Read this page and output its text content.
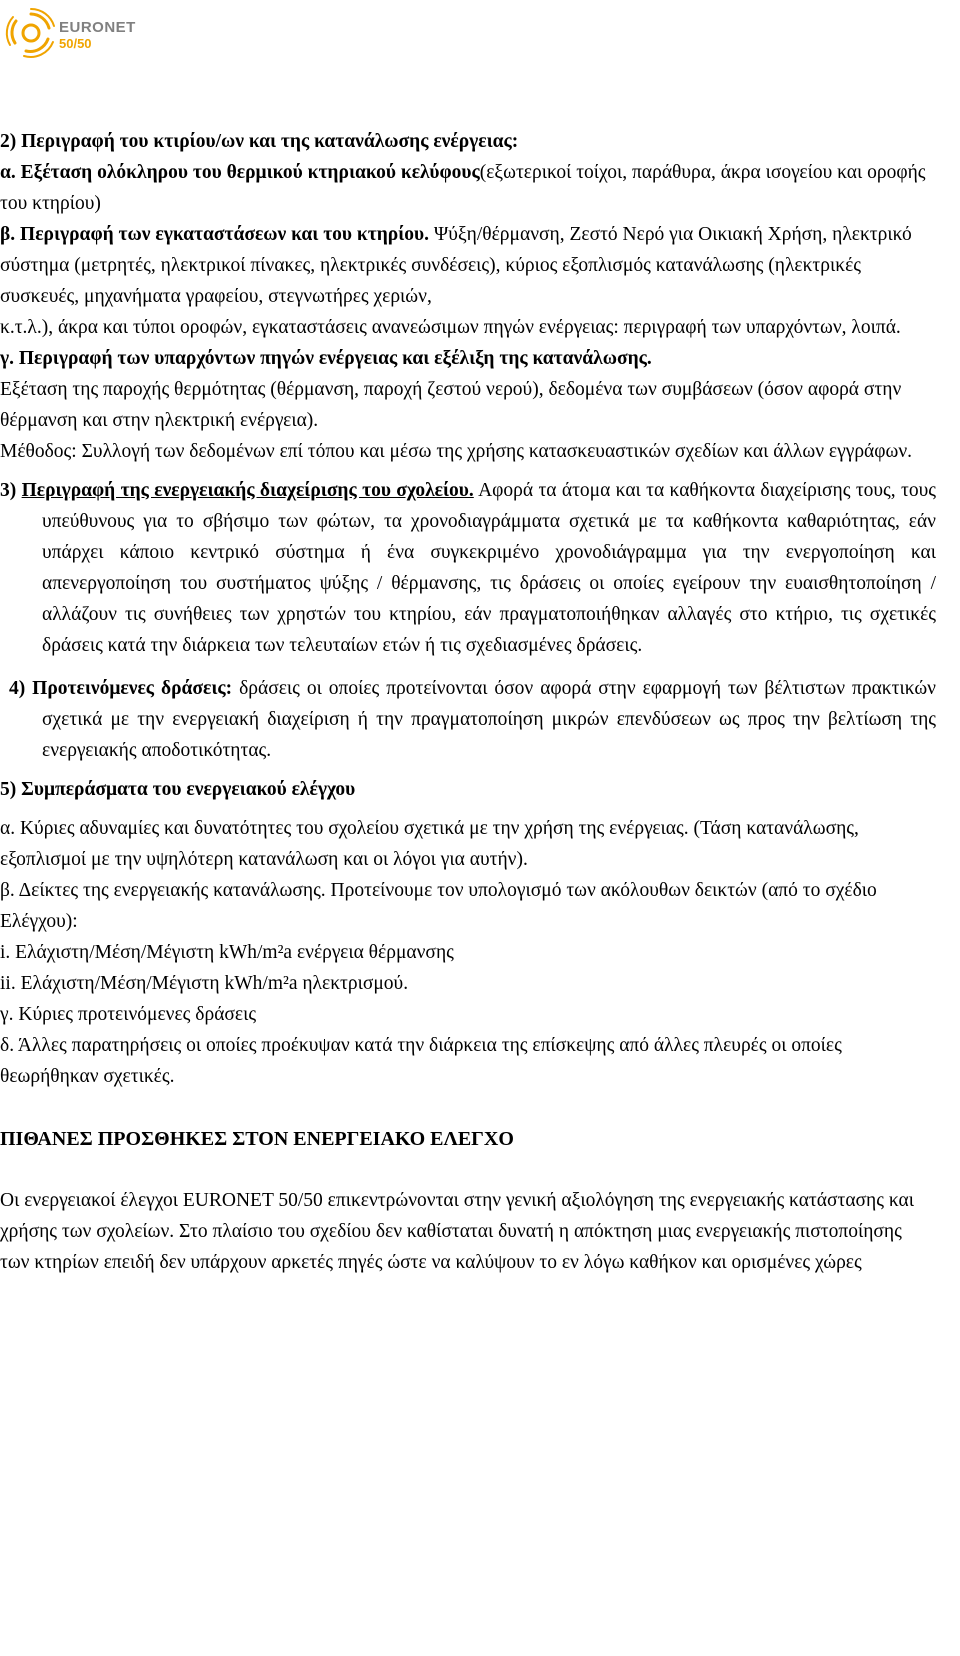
EURONET
50/50

2) Περιγραφή του κτιρίου/ων και της κατανάλωσης ενέργειας:

α. Εξέταση ολόκληρου του θερμικού κτηριακού κελύφους(εξωτερικοί τοίχοι, παράθυρα, άκρα ισογείου και οροφής του κτηρίου)

β. Περιγραφή των εγκαταστάσεων και του κτηρίου. Ψύξη/θέρμανση, Ζεστό Νερό για Οικιακή Χρήση, ηλεκτρικό σύστημα (μετρητές, ηλεκτρικοί πίνακες, ηλεκτρικές συνδέσεις), κύριος εξοπλισμός κατανάλωσης (ηλεκτρικές συσκευές, μηχανήματα γραφείου, στεγνωτήρες χεριών,

κ.τ.λ.), άκρα και τύποι οροφών, εγκαταστάσεις ανανεώσιμων πηγών ενέργειας: περιγραφή των υπαρχόντων, λοιπά.

γ. Περιγραφή των υπαρχόντων πηγών ενέργειας και εξέλιξη της κατανάλωσης.

Εξέταση της παροχής θερμότητας (θέρμανση, παροχή ζεστού νερού), δεδομένα των συμβάσεων (όσον αφορά στην θέρμανση και στην ηλεκτρική ενέργεια).

Μέθοδος: Συλλογή των δεδομένων επί τόπου και μέσω της χρήσης κατασκευαστικών σχεδίων και άλλων εγγράφων.

3) Περιγραφή της ενεργειακής διαχείρισης του σχολείου. Αφορά τα άτομα και τα καθήκοντα διαχείρισης τους, τους υπεύθυνους για το σβήσιμο των φώτων, τα χρονοδιαγράμματα σχετικά με τα καθήκοντα καθαριότητας, εάν υπάρχει κάποιο κεντρικό σύστημα ή ένα συγκεκριμένο χρονοδιάγραμμα για την ενεργοποίηση και απενεργοποίηση του συστήματος ψύξης / θέρμανσης, τις δράσεις οι οποίες εγείρουν την ευαισθητοποίηση / αλλάζουν τις συνήθειες των χρηστών του κτηρίου, εάν πραγματοποιήθηκαν αλλαγές στο κτήριο, τις σχετικές δράσεις κατά την διάρκεια των τελευταίων ετών ή τις σχεδιασμένες δράσεις.

4) Προτεινόμενες δράσεις: δράσεις οι οποίες προτείνονται όσον αφορά στην εφαρμογή των βέλτιστων πρακτικών σχετικά με την ενεργειακή διαχείριση ή την πραγματοποίηση μικρών επενδύσεων ως προς την βελτίωση της ενεργειακής αποδοτικότητας.

5) Συμπεράσματα του ενεργειακού ελέγχου

α. Κύριες αδυναμίες και δυνατότητες του σχολείου σχετικά με την χρήση της ενέργειας. (Τάση κατανάλωσης, εξοπλισμοί με την υψηλότερη κατανάλωση και οι λόγοι για αυτήν).

β. Δείκτες της ενεργειακής κατανάλωσης. Προτείνουμε τον υπολογισμό των ακόλουθων δεικτών (από το σχέδιο Ελέγχου):

i. Ελάχιστη/Μέση/Μέγιστη kWh/m²a ενέργεια θέρμανσης

ii. Ελάχιστη/Μέση/Μέγιστη kWh/m²a ηλεκτρισμού.

γ. Κύριες προτεινόμενες δράσεις

δ. Άλλες παρατηρήσεις οι οποίες προέκυψαν κατά την διάρκεια της επίσκεψης από άλλες πλευρές οι οποίες θεωρήθηκαν σχετικές.

ΠΙΘΑΝΕΣ ΠΡΟΣΘΗΚΕΣ ΣΤΟΝ ΕΝΕΡΓΕΙΑΚΟ ΕΛΕΓΧΟ

Οι ενεργειακοί έλεγχοι EURONET 50/50 επικεντρώνονται στην γενική αξιολόγηση της ενεργειακής κατάστασης και χρήσης των σχολείων. Στο πλαίσιο του σχεδίου δεν καθίσταται δυνατή η απόκτηση μιας ενεργειακής πιστοποίησης των κτηρίων επειδή δεν υπάρχουν αρκετές πηγές ώστε να καλύψουν το εν λόγω καθήκον και ορισμένες χώρες
